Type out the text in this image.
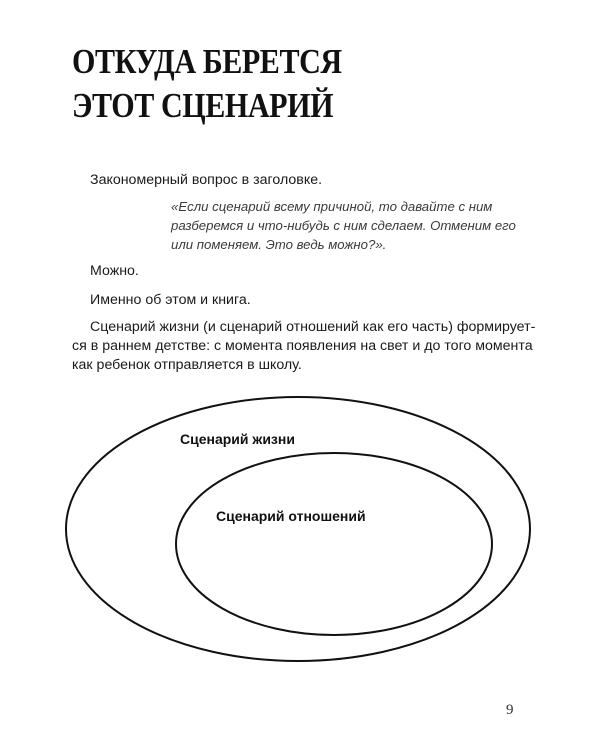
ОТКУДА БЕРЕТСЯ
ЭТОТ СЦЕНАРИЙ

Закономерный вопрос в заголовке.

«Если сценарий всему причиной, то давайте с ним разберемся и что-нибудь с ним сделаем. Отменим его или поменяем. Это ведь можно?».

Можно.

Именно об этом и книга.

Сценарий жизни (и сценарий отношений как его часть) формирует-
ся в раннем детстве: с момента появления на свет и до того момента
как ребенок отправляется в школу.

Сценарий жизни

Сценарий отношений

9
